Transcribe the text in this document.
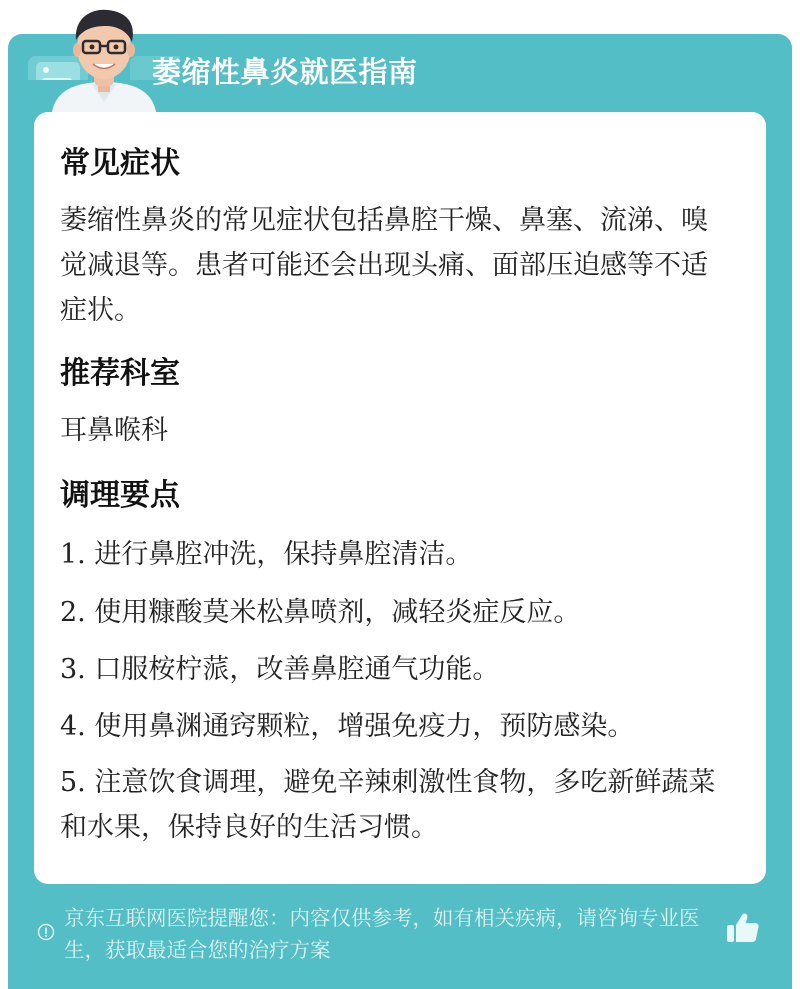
萎缩性鼻炎就医指南
常见症状
萎缩性鼻炎的常见症状包括鼻腔干燥、鼻塞、流涕、嗅觉减退等。患者可能还会出现头痛、面部压迫感等不适症状。
推荐科室
耳鼻喉科
调理要点
1. 进行鼻腔冲洗，保持鼻腔清洁。
2. 使用糠酸莫米松鼻喷剂，减轻炎症反应。
3. 口服桉柠蒎，改善鼻腔通气功能。
4. 使用鼻渊通窍颗粒，增强免疫力，预防感染。
5. 注意饮食调理，避免辛辣刺激性食物，多吃新鲜蔬菜和水果，保持良好的生活习惯。
京东互联网医院提醒您：内容仅供参考，如有相关疾病，请咨询专业医生，获取最适合您的治疗方案
